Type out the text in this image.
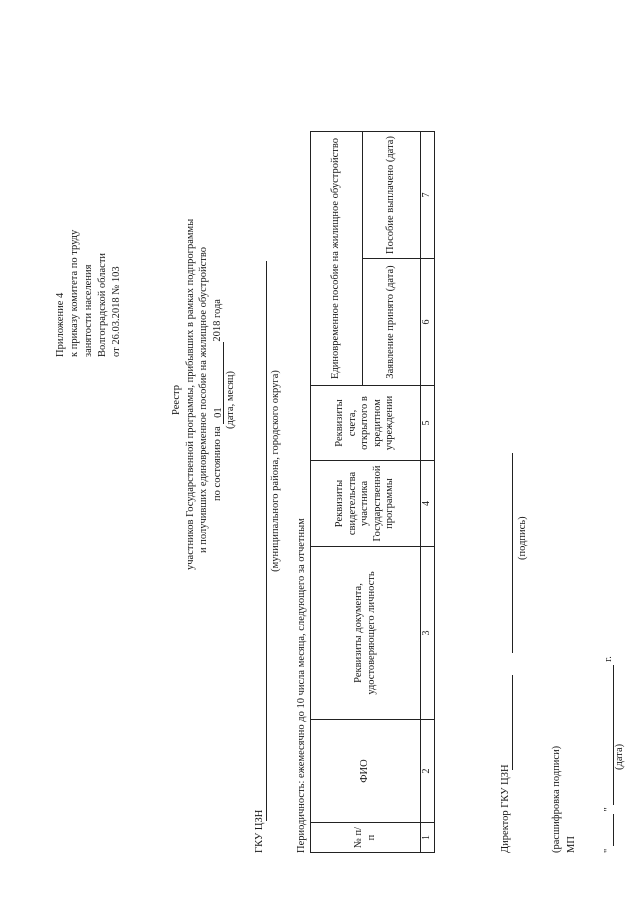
Приложение 4 к приказу комитета по труду занятости населения Волгоградской области от 26.03.2018 № 103
Реестр участников Государственной программы, прибывших в рамках подпрограммы и получивших единовременное пособие на жилищное обустройство по состоянию на 012018 года
(дата, месяц)
ГКУ ЦЗН
(муниципального района, городского округа)
Периодичность: ежемесячно до 10 числа месяца, следующего за отчетным	№ п/п	ФИО	Реквизиты документа, удостоверяющего личность	Реквизиты свидетельства участника Государственной программы	Реквизиты счета, открытого в кредитном учреждении	Единовременное пособие на жилищное обустройство	
					Заявление принято (дата)	Пособие выплачено (дата)
1	2	3	4	5	6	7
Директор ГКУ ЦЗН
(подпись)
(расшифровка подписи) МП "  "  г.
(дата)
